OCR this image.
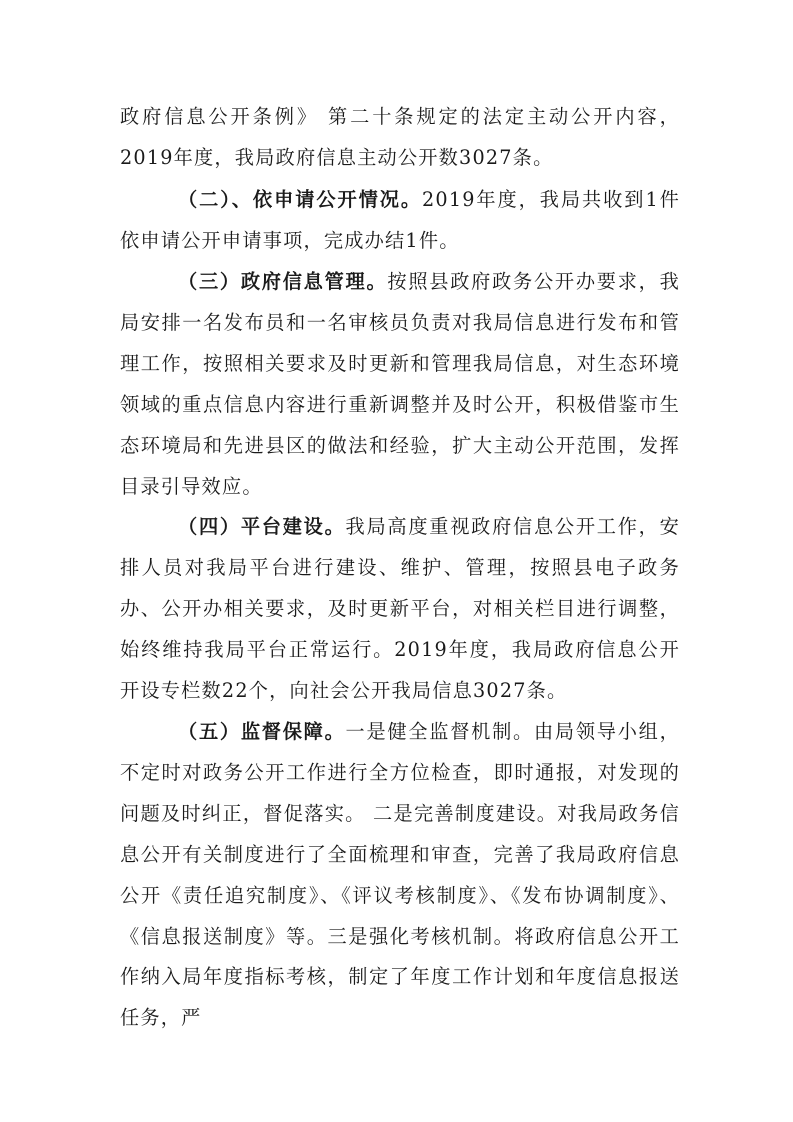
政府信息公开条例》 第二十条规定的法定主动公开内容，2019年度，我局政府信息主动公开数3027条。

（二）、依申请公开情况。2019年度，我局共收到1件依申请公开申请事项，完成办结1件。

（三）政府信息管理。按照县政府政务公开办要求，我局安排一名发布员和一名审核员负责对我局信息进行发布和管理工作，按照相关要求及时更新和管理我局信息，对生态环境领域的重点信息内容进行重新调整并及时公开，积极借鉴市生态环境局和先进县区的做法和经验，扩大主动公开范围，发挥目录引导效应。

（四）平台建设。我局高度重视政府信息公开工作，安排人员对我局平台进行建设、维护、管理，按照县电子政务办、公开办相关要求，及时更新平台，对相关栏目进行调整，始终维持我局平台正常运行。2019年度，我局政府信息公开开设专栏数22个，向社会公开我局信息3027条。

（五）监督保障。一是健全监督机制。由局领导小组，不定时对政务公开工作进行全方位检查，即时通报，对发现的问题及时纠正，督促落实。 二是完善制度建设。对我局政务信息公开有关制度进行了全面梳理和审查，完善了我局政府信息公开《责任追究制度》、《评议考核制度》、《发布协调制度》、《信息报送制度》等。三是强化考核机制。将政府信息公开工作纳入局年度指标考核，制定了年度工作计划和年度信息报送任务，严
